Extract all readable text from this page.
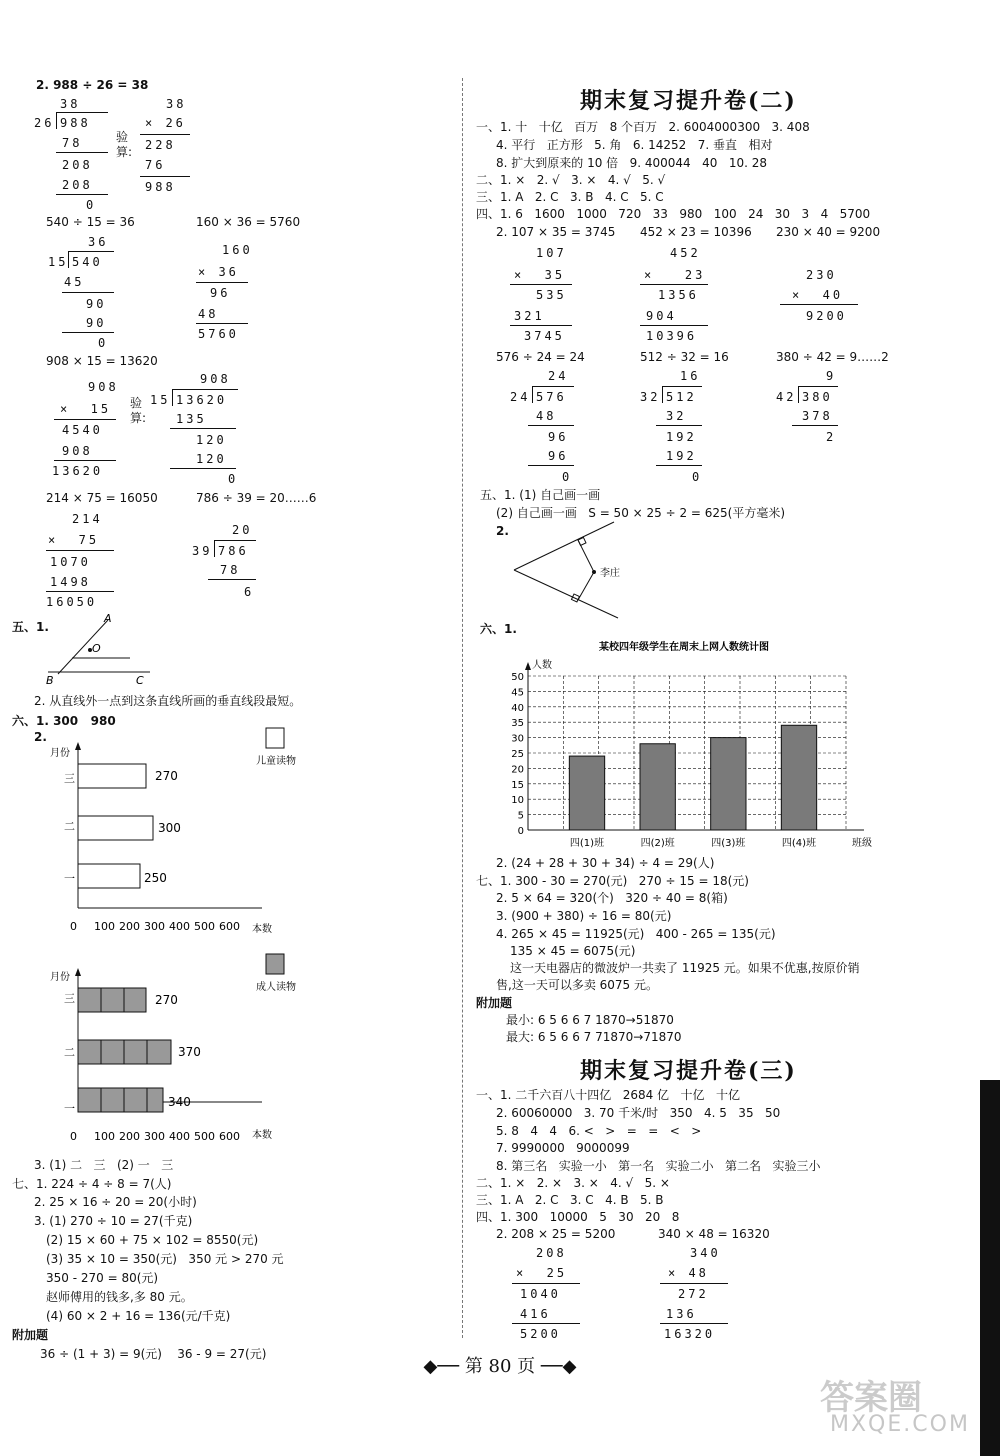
2. 988 ÷ 26 = 38
38
26 988
78
208
208
0
验算:
38
× 26
228
76
988
540 ÷ 15 = 36	160 × 36 = 5760
36
15 540
45
90
90
0
160
× 36
96
48
5760
908 × 15 = 13620
908
×  15
4540
908
13620
验算:
908
15 13620
135
120
120
0
214 × 75 = 16050	786 ÷ 39 = 20……6
214
×  75
1070
1498
16050
20
39 786
78
6
五、1.
A
O
B	C
2. 从直线外一点到这条直线所画的垂直线段最短。
六、1. 300   980
2.
儿童读物
月份
三
二
一
270
300
250
0 100 200 300 400 500 600 本数
成人读物
月份
三
二
一
270
370
340
0 100 200 300 400 500 600 本数
3. (1) 二   三   (2) 一   三
七、1. 224 ÷ 4 ÷ 8 = 7(人)
2. 25 × 16 ÷ 20 = 20(小时)
3. (1) 270 ÷ 10 = 27(千克)
(2) 15 × 60 + 75 × 102 = 8550(元)
(3) 35 × 10 = 350(元)   350 元 > 270 元
350 - 270 = 80(元)
赵师傅用的钱多,多 80 元。
(4) 60 × 2 + 16 = 136(元/千克)
附加题
36 ÷ (1 + 3) = 9(元)    36 - 9 = 27(元)
期末复习提升卷(二)
一、1. 十   十亿   百万   8 个百万   2. 6004000300   3. 408
4. 平行   正方形   5. 角   6. 14252   7. 垂直   相对
8. 扩大到原来的 10 倍   9. 400044   40   10. 28
二、1. ×   2. √   3. ×   4. √   5. √
三、1. A   2. C   3. B   4. C   5. C
四、1. 6   1600   1000   720   33   980   100   24   30   3   4   5700
2. 107 × 35 = 3745 452 × 23 = 10396 230 × 40 = 9200
107
×  35
535
321
3745
452
×   23
1356
904
10396
230
×  40
9200
576 ÷ 24 = 24	512 ÷ 32 = 16	380 ÷ 42 = 9……2
24
24 576
48
96
96
0
16
32 512
32
192
192
0
9
42 380
378
2
五、1. (1) 自己画一画
(2) 自己画一画   S = 50 × 25 ÷ 2 = 625(平方毫米)
2.
李庄
六、1.
某校四年级学生在周末上网人数统计图
人数
0
5
10
15
20
25
30
35
40
45
50
四(1)班	四(2)班	四(3)班	四(4)班	班级
2. (24 + 28 + 30 + 34) ÷ 4 = 29(人)
七、1. 300 - 30 = 270(元)   270 ÷ 15 = 18(元)
2. 5 × 64 = 320(个)   320 ÷ 40 = 8(箱)
3. (900 + 380) ÷ 16 = 80(元)
4. 265 × 45 = 11925(元)   400 - 265 = 135(元)
135 × 45 = 6075(元)
这一天电器店的微波炉一共卖了 11925 元。如果不优惠,按原价销
售,这一天可以多卖 6075 元。
附加题
最小: 6 5 6 6 7 1870→51870
最大: 6 5 6 6 7 71870→71870
期末复习提升卷(三)
一、1. 二千六百八十四亿   2684 亿   十亿   十亿
2. 60060000   3. 70 千米/时   350   4. 5   35   50
5. 8   4   4   6. <   >   =   =   <   >
7. 9990000   9000099
8. 第三名   实验一小   第一名   实验二小   第二名   实验三小
二、1. ×   2. ×   3. ×   4. √   5. ×
三、1. A   2. C   3. C   4. B   5. B
四、1. 300   10000   5   30   20   8
2. 208 × 25 = 5200	340 × 48 = 16320
208
×  25
1040
416
5200
340
× 48
272
136
16320
◆── 第 80 页 ──◆
答案圈
MXQE.COM
